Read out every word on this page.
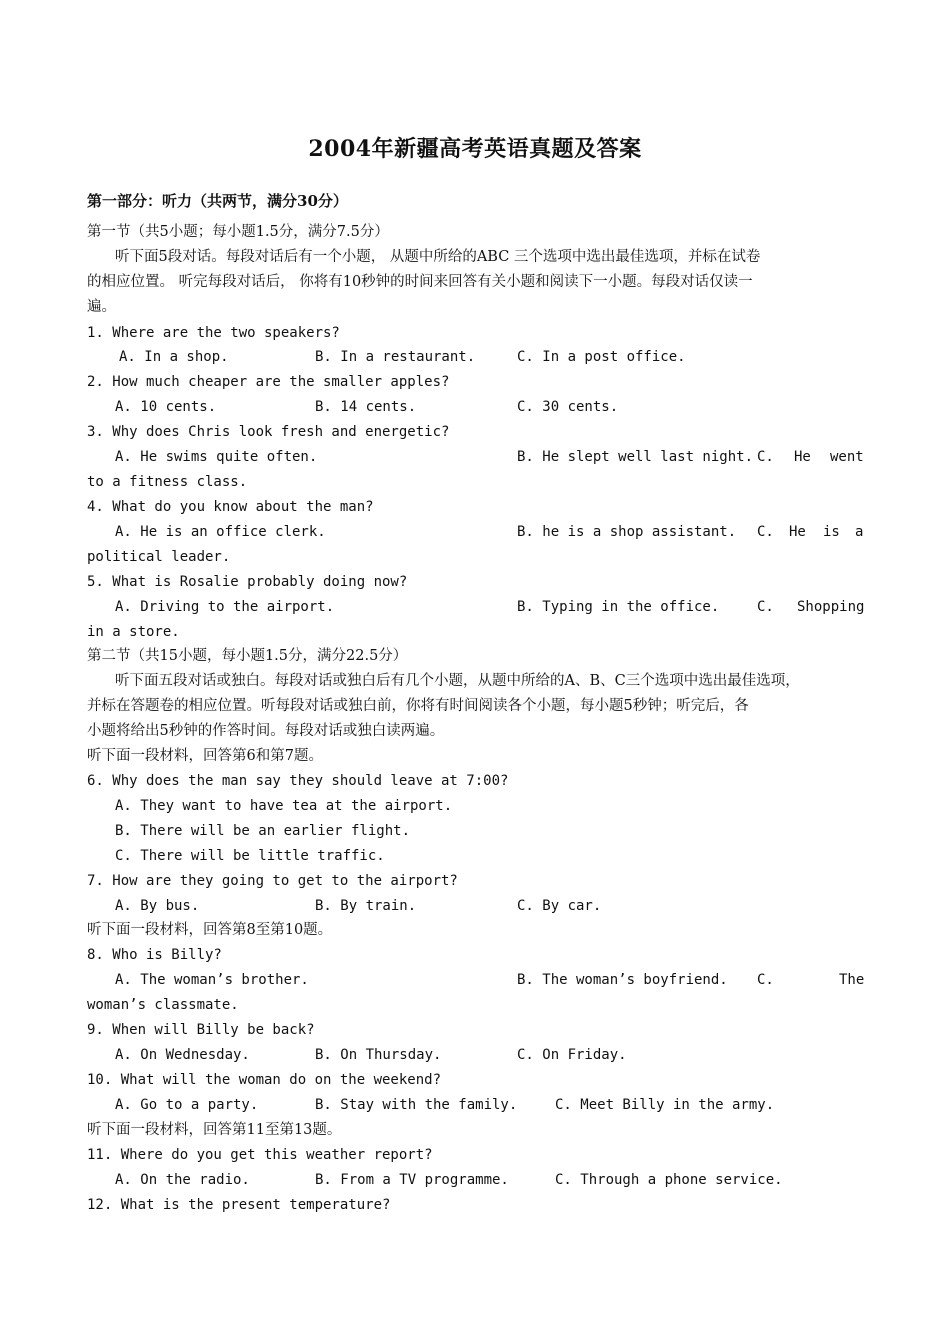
2004年新疆高考英语真题及答案
第一部分：听力（共两节，满分30分）
第一节（共5小题；每小题1.5分，满分7.5分）
听下面5段对话。每段对话后有一个小题， 从题中所给的ABC 三个选项中选出最佳选项，并标在试卷
的相应位置。 听完每段对话后， 你将有10秒钟的时间来回答有关小题和阅读下一小题。每段对话仅读一
遍。
1. Where are the two speakers?
A. In a shop.	B. In a restaurant.	C. In a post office.
2. How much cheaper are the smaller apples?
A. 10 cents.	B. 14 cents.	C. 30 cents.
3. Why does Chris look fresh and energetic?
A. He swims quite often.	B. He slept well last night. C. He went
to a fitness class.
4. What do you know about the man?
A. He is an office clerk.	B. he is a shop assistant. C. He is a
political leader.
5. What is Rosalie probably doing now?
A. Driving to the airport.	B. Typing in the office.	C. Shopping
in a store.
第二节（共15小题，每小题1.5分，满分22.5分）
听下面五段对话或独白。每段对话或独白后有几个小题，从题中所给的A、B、C三个选项中选出最佳选项，
并标在答题卷的相应位置。听每段对话或独白前，你将有时间阅读各个小题，每小题5秒钟；听完后，各
小题将给出5秒钟的作答时间。每段对话或独白读两遍。
听下面一段材料，回答第6和第7题。
6. Why does the man say they should leave at 7:00?
A. They want to have tea at the airport.
B. There will be an earlier flight.
C. There will be little traffic.
7. How are they going to get to the airport?
A. By bus.	B. By train.	C. By car.
听下面一段材料，回答第8至第10题。
8. Who is Billy?
A. The woman’s brother.	B. The woman’s boyfriend. C.	The
woman’s classmate.
9. When will Billy be back?
A. On Wednesday.	B. On Thursday.	C. On Friday.
10. What will the woman do on the weekend?
A. Go to a party.	B. Stay with the family.	C. Meet Billy in the army.
听下面一段材料，回答第11至第13题。
11. Where do you get this weather report?
A. On the radio.	B. From a TV programme.	C. Through a phone service.
12. What is the present temperature?
